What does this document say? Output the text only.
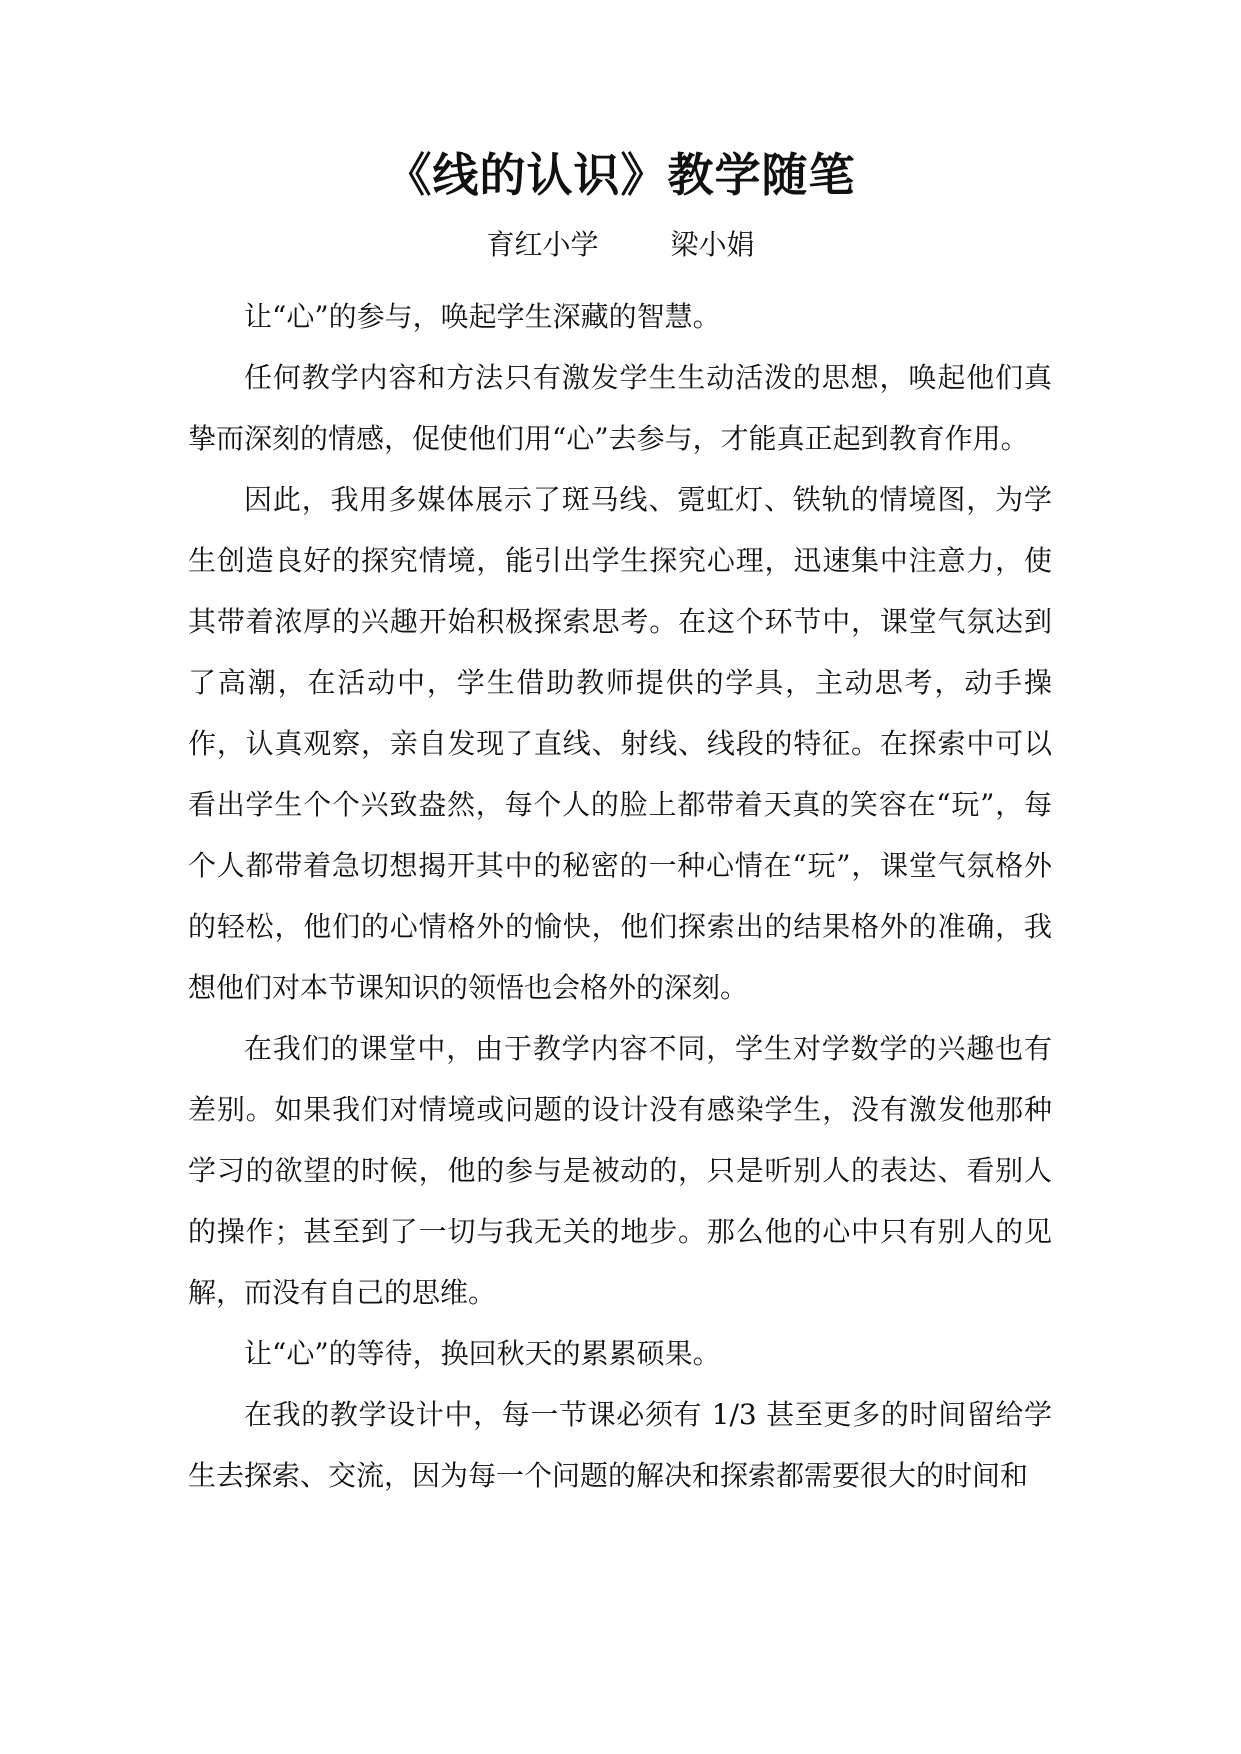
《线的认识》教学随笔
育红小学	梁小娟

让“心”的参与，唤起学生深藏的智慧。

任何教学内容和方法只有激发学生生动活泼的思想，唤起他们真挚而深刻的情感，促使他们用“心”去参与，才能真正起到教育作用。

因此，我用多媒体展示了斑马线、霓虹灯、铁轨的情境图，为学生创造良好的探究情境，能引出学生探究心理，迅速集中注意力，使其带着浓厚的兴趣开始积极探索思考。在这个环节中，课堂气氛达到了高潮，在活动中，学生借助教师提供的学具，主动思考，动手操作，认真观察，亲自发现了直线、射线、线段的特征。在探索中可以看出学生个个兴致盎然，每个人的脸上都带着天真的笑容在“玩”，每个人都带着急切想揭开其中的秘密的一种心情在“玩”，课堂气氛格外的轻松，他们的心情格外的愉快，他们探索出的结果格外的准确，我想他们对本节课知识的领悟也会格外的深刻。

在我们的课堂中，由于教学内容不同，学生对学数学的兴趣也有差别。如果我们对情境或问题的设计没有感染学生，没有激发他那种学习的欲望的时候，他的参与是被动的，只是听别人的表达、看别人的操作；甚至到了一切与我无关的地步。那么他的心中只有别人的见解，而没有自己的思维。

让“心”的等待，换回秋天的累累硕果。

在我的教学设计中，每一节课必须有 1/3 甚至更多的时间留给学生去探索、交流，因为每一个问题的解决和探索都需要很大的时间和
